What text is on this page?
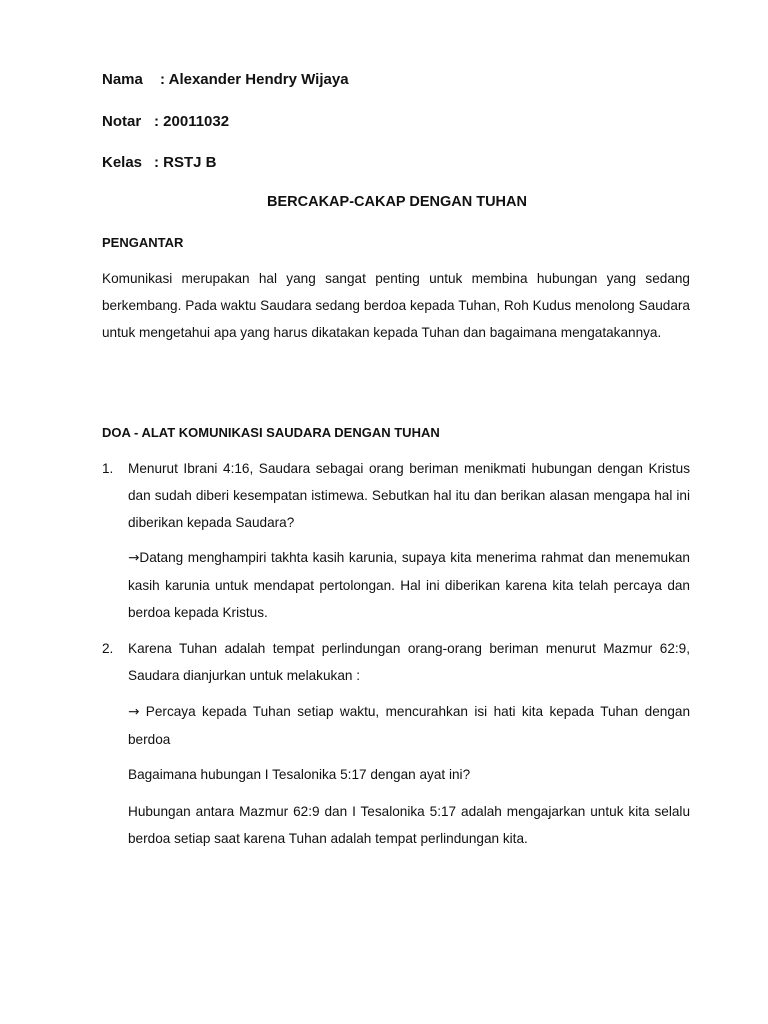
Nama : Alexander Hendry Wijaya
Notar : 20011032
Kelas : RSTJ B
BERCAKAP-CAKAP DENGAN TUHAN
PENGANTAR
Komunikasi merupakan hal yang sangat penting untuk membina hubungan yang sedang berkembang. Pada waktu Saudara sedang berdoa kepada Tuhan, Roh Kudus menolong Saudara untuk mengetahui apa yang harus dikatakan kepada Tuhan dan bagaimana mengatakannya.
DOA - ALAT KOMUNIKASI SAUDARA DENGAN TUHAN
1. Menurut Ibrani 4:16, Saudara sebagai orang beriman menikmati hubungan dengan Kristus dan sudah diberi kesempatan istimewa. Sebutkan hal itu dan berikan alasan mengapa hal ini diberikan kepada Saudara?
→Datang menghampiri takhta kasih karunia, supaya kita menerima rahmat dan menemukan kasih karunia untuk mendapat pertolongan. Hal ini diberikan karena kita telah percaya dan berdoa kepada Kristus.
2. Karena Tuhan adalah tempat perlindungan orang-orang beriman menurut Mazmur 62:9, Saudara dianjurkan untuk melakukan :
→ Percaya kepada Tuhan setiap waktu, mencurahkan isi hati kita kepada Tuhan dengan berdoa
Bagaimana hubungan I Tesalonika 5:17 dengan ayat ini?
Hubungan antara Mazmur 62:9 dan I Tesalonika 5:17 adalah mengajarkan untuk kita selalu berdoa setiap saat karena Tuhan adalah tempat perlindungan kita.
